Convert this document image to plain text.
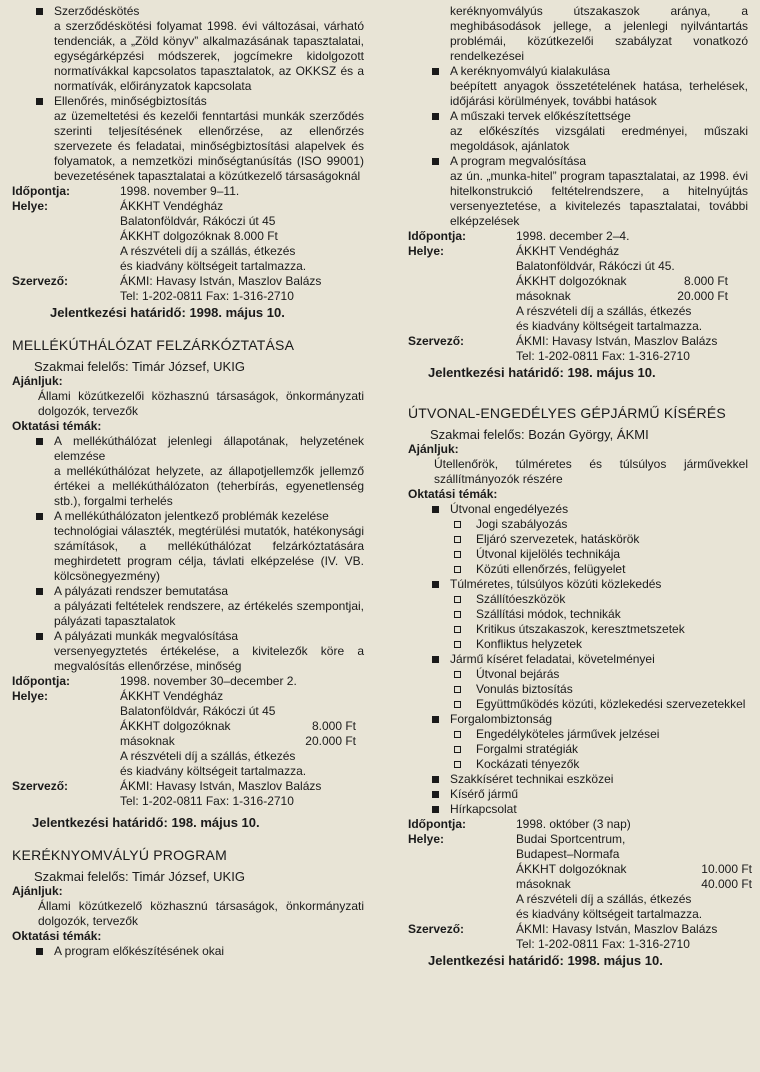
Szerződéskötés
a szerződéskötési folyamat 1998. évi változásai, várható tendenciák, a „Zöld könyv” alkalmazásának tapasztalatai, egységárképzési módszerek, jogcímekre kidolgozott normatívákkal kapcsolatos tapasztalatok, az OKKSZ és a normatívák, előirányzatok kapcsolata
Ellenőrés, minőségbiztosítás
az üzemeltetési és kezelői fenntartási munkák szerződés szerinti teljesítésének ellenőrzése, az ellenőrzés szervezete és feladatai, minőségbiztosítási alapelvek és folyamatok, a nemzetközi minőségtanúsítás (ISO 99001) bevezetésének tapasztalatai a közútkezelő társaságoknál
Időpontja:	1998. november 9–11.
Helye:	ÁKKHT Vendégház
Balatonföldvár, Rákóczi út 45
ÁKKHT dolgozóknak 8.000 Ft
A részvételi díj a szállás, étkezés
és kiadvány költségeit tartalmazza.
Szervező:	ÁKMI: Havasy István, Maszlov Balázs
Tel: 1-202-0811 Fax: 1-316-2710
Jelentkezési határidő: 1998. május 10.
MELLÉKÚTHÁLÓZAT FELZÁRKÓZTATÁSA
Szakmai felelős: Timár József, UKIG
Ajánljuk:
Állami közútkezelői közhasznú társaságok, önkormányzati dolgozók, tervezők
Oktatási témák:
A mellékúthálózat jelenlegi állapotának, helyzetének elemzése
a mellékúthálózat helyzete, az állapotjellemzők jellemző értékei a mellékúthálózaton (teherbírás, egyenetlenség stb.), forgalmi terhelés
A mellékúthálózaton jelentkező problémák kezelése
technológiai választék, megtérülési mutatók, hatékonysági számítások, a mellékúthálózat felzárkóztatására meghirdetett program célja, távlati elképzelése (IV. VB. kölcsönegyezmény)
A pályázati rendszer bemutatása
a pályázati feltételek rendszere, az értékelés szempontjai, pályázati tapasztalatok
A pályázati munkák megvalósítása
versenyegyztetés értékelése, a kivitelezők köre a megvalósítás ellenőrzése, minőség
Időpontja:	1998. november 30–december 2.
Helye:	ÁKKHT Vendégház
Balatonföldvár, Rákóczi út 45
ÁKKHT dolgozóknak	8.000 Ft
másoknak	20.000 Ft
A részvételi díj a szállás, étkezés
és kiadvány költségeit tartalmazza.
Szervező:	ÁKMI: Havasy István, Maszlov Balázs
Tel: 1-202-0811 Fax: 1-316-2710
Jelentkezési határidő: 198. május 10.
KERÉKNYOMVÁLYÚ PROGRAM
Szakmai felelős: Timár József, UKIG
Ajánljuk:
Állami közútkezelő közhasznú társaságok, önkormányzati dolgozók, tervezők
Oktatási témák:
A program előkészítésének okai
keréknyomvályús útszakaszok aránya, a meghibásodások jellege, a jelenlegi nyilvántartás problémái, közútkezelői szabályzat vonatkozó rendelkezései
A keréknyomvályú kialakulása
beépített anyagok összetételének hatása, terhelések, időjárási körülmények, további hatások
A műszaki tervek előkészítettsége
az előkészítés vizsgálati eredményei, műszaki megoldások, ajánlatok
A program megvalósítása
az ún. „munka-hitel” program tapasztalatai, az 1998. évi hitelkonstrukció feltételrendszere, a hitelnyújtás versenyeztetése, a kivitelezés tapasztalatai, további elképzelések
Időpontja:	1998. december 2–4.
Helye:	ÁKKHT Vendégház
Balatonföldvár, Rákóczi út 45.
ÁKKHT dolgozóknak	8.000 Ft
másoknak	20.000 Ft
A részvételi díj a szállás, étkezés
és kiadvány költségeit tartalmazza.
Szervező:	ÁKMI: Havasy István, Maszlov Balázs
Tel: 1-202-0811 Fax: 1-316-2710
Jelentkezési határidő: 198. május 10.
ÚTVONAL-ENGEDÉLYES GÉPJÁRMŰ KÍSÉRÉS
Szakmai felelős: Bozán György, ÁKMI
Ajánljuk:
Útellenőrök, túlméretes és túlsúlyos járművekkel szállítmányozók részére
Oktatási témák:
Útvonal engedélyezés
Jogi szabályozás
Eljáró szervezetek, hatáskörök
Útvonal kijelölés technikája
Közúti ellenőrzés, felügyelet
Túlméretes, túlsúlyos közúti közlekedés
Szállítóeszközök
Szállítási módok, technikák
Kritikus útszakaszok, keresztmetszetek
Konfliktus helyzetek
Jármű kíséret feladatai, követelményei
Útvonal bejárás
Vonulás biztosítás
Együttműködés közúti, közlekedési szervezetekkel
Forgalombiztonság
Engedélyköteles járművek jelzései
Forgalmi stratégiák
Kockázati tényezők
Szakkíséret technikai eszközei
Kísérő jármű
Hírkapcsolat
Időpontja:	1998. október (3 nap)
Helye:	Budai Sportcentrum,
Budapest–Normafa
ÁKKHT dolgozóknak	10.000 Ft
másoknak	40.000 Ft
A részvételi díj a szállás, étkezés
és kiadvány költségeit tartalmazza.
Szervező:	ÁKMI: Havasy István, Maszlov Balázs
Tel: 1-202-0811 Fax: 1-316-2710
Jelentkezési határidő: 1998. május 10.
